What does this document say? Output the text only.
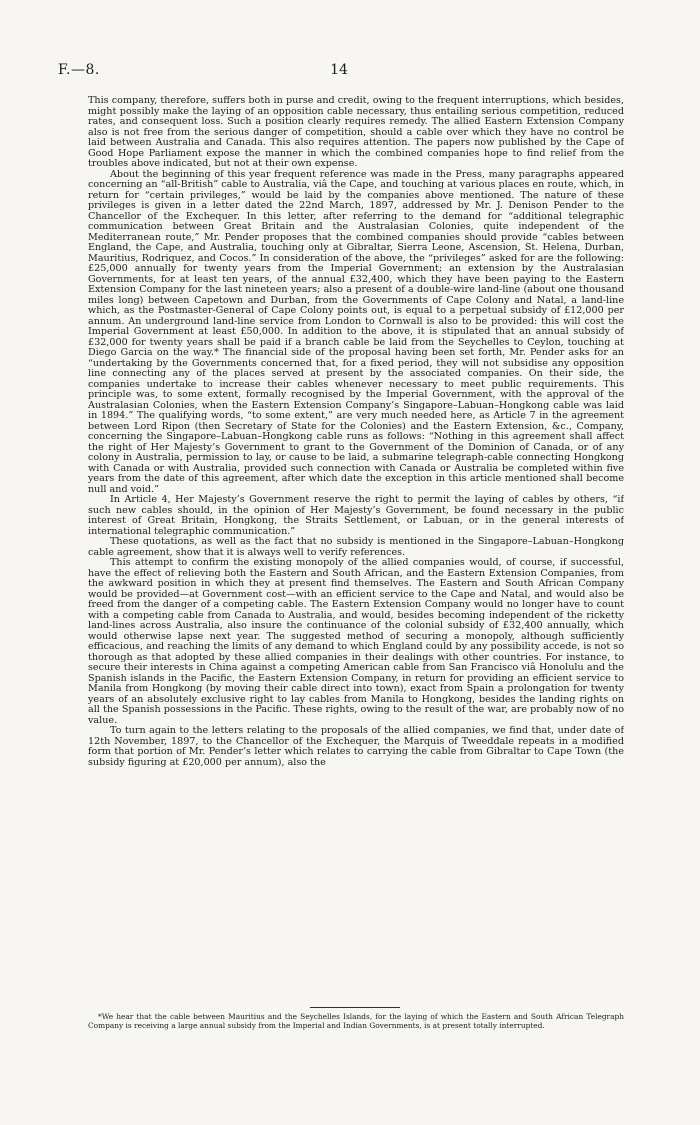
F.—8.	14

This company, therefore, suffers both in purse and credit, owing to the frequent interruptions, which besides, might possibly make the laying of an opposition cable necessary, thus entailing serious competition, reduced rates, and consequent loss. Such a position clearly requires remedy. The allied Eastern Extension Company also is not free from the serious danger of competition, should a cable over which they have no control be laid between Australia and Canada. This also requires attention. The papers now published by the Cape of Good Hope Parliament expose the manner in which the combined companies hope to find relief from the troubles above indicated, but not at their own expense.

About the beginning of this year frequent reference was made in the Press, many paragraphs appeared concerning an “all-British” cable to Australia, viâ the Cape, and touching at various places en route, which, in return for “certain privileges,” would be laid by the companies above mentioned. The nature of these privileges is given in a letter dated the 22nd March, 1897, addressed by Mr. J. Denison Pender to the Chancellor of the Exchequer. In this letter, after referring to the demand for “additional telegraphic communication between Great Britain and the Australasian Colonies, quite independent of the Mediterranean route,” Mr. Pender proposes that the combined companies should provide “cables between England, the Cape, and Australia, touching only at Gibraltar, Sierra Leone, Ascension, St. Helena, Durban, Mauritius, Rodriquez, and Cocos.” In consideration of the above, the “privileges” asked for are the following: £25,000 annually for twenty years from the Imperial Government; an extension by the Australasian Governments, for at least ten years, of the annual £32,400, which they have been paying to the Eastern Extension Company for the last nineteen years; also a present of a double-wire land-line (about one thousand miles long) between Capetown and Durban, from the Governments of Cape Colony and Natal, a land-line which, as the Postmaster-General of Cape Colony points out, is equal to a perpetual subsidy of £12,000 per annum. An underground land-line service from London to Cornwall is also to be provided: this will cost the Imperial Government at least £50,000. In addition to the above, it is stipulated that an annual subsidy of £32,000 for twenty years shall be paid if a branch cable be laid from the Seychelles to Ceylon, touching at Diego Garcia on the way.* The financial side of the proposal having been set forth, Mr. Pender asks for an “undertaking by the Governments concerned that, for a fixed period, they will not subsidise any opposition line connecting any of the places served at present by the associated companies. On their side, the companies undertake to increase their cables whenever necessary to meet public requirements. This principle was, to some extent, formally recognised by the Imperial Government, with the approval of the Australasian Colonies, when the Eastern Extension Company’s Singapore–Labuan–Hongkong cable was laid in 1894.” The qualifying words, “to some extent,” are very much needed here, as Article 7 in the agreement between Lord Ripon (then Secretary of State for the Colonies) and the Eastern Extension, &c., Company, concerning the Singapore–Labuan–Hongkong cable runs as follows: “Nothing in this agreement shall affect the right of Her Majesty’s Government to grant to the Government of the Dominion of Canada, or of any colony in Australia, permission to lay, or cause to be laid, a submarine telegraph-cable connecting Hongkong with Canada or with Australia, provided such connection with Canada or Australia be completed within five years from the date of this agreement, after which date the exception in this article mentioned shall become null and void.”

In Article 4, Her Majesty’s Government reserve the right to permit the laying of cables by others, “if such new cables should, in the opinion of Her Majesty’s Government, be found necessary in the public interest of Great Britain, Hongkong, the Straits Settlement, or Labuan, or in the general interests of international telegraphic communication.”

These quotations, as well as the fact that no subsidy is mentioned in the Singapore–Labuan–Hongkong cable agreement, show that it is always well to verify references.

This attempt to confirm the existing monopoly of the allied companies would, of course, if successful, have the effect of relieving both the Eastern and South African, and the Eastern Extension Companies, from the awkward position in which they at present find themselves. The Eastern and South African Company would be provided—at Government cost—with an efficient service to the Cape and Natal, and would also be freed from the danger of a competing cable. The Eastern Extension Company would no longer have to count with a competing cable from Canada to Australia, and would, besides becoming independent of the ricketty land-lines across Australia, also insure the continuance of the colonial subsidy of £32,400 annually, which would otherwise lapse next year. The suggested method of securing a monopoly, although sufficiently efficacious, and reaching the limits of any demand to which England could by any possibility accede, is not so thorough as that adopted by these allied companies in their dealings with other countries. For instance, to secure their interests in China against a competing American cable from San Francisco viâ Honolulu and the Spanish islands in the Pacific, the Eastern Extension Company, in return for providing an efficient service to Manila from Hongkong (by moving their cable direct into town), exact from Spain a prolongation for twenty years of an absolutely exclusive right to lay cables from Manila to Hongkong, besides the landing rights on all the Spanish possessions in the Pacific. These rights, owing to the result of the war, are probably now of no value.

To turn again to the letters relating to the proposals of the allied companies, we find that, under date of 12th November, 1897, to the Chancellor of the Exchequer, the Marquis of Tweeddale repeats in a modified form that portion of Mr. Pender’s letter which relates to carrying the cable from Gibraltar to Cape Town (the subsidy figuring at £20,000 per annum), also the

*We hear that the cable between Mauritius and the Seychelles Islands, for the laying of which the Eastern and South African Telegraph Company is receiving a large annual subsidy from the Imperial and Indian Governments, is at present totally interrupted.
